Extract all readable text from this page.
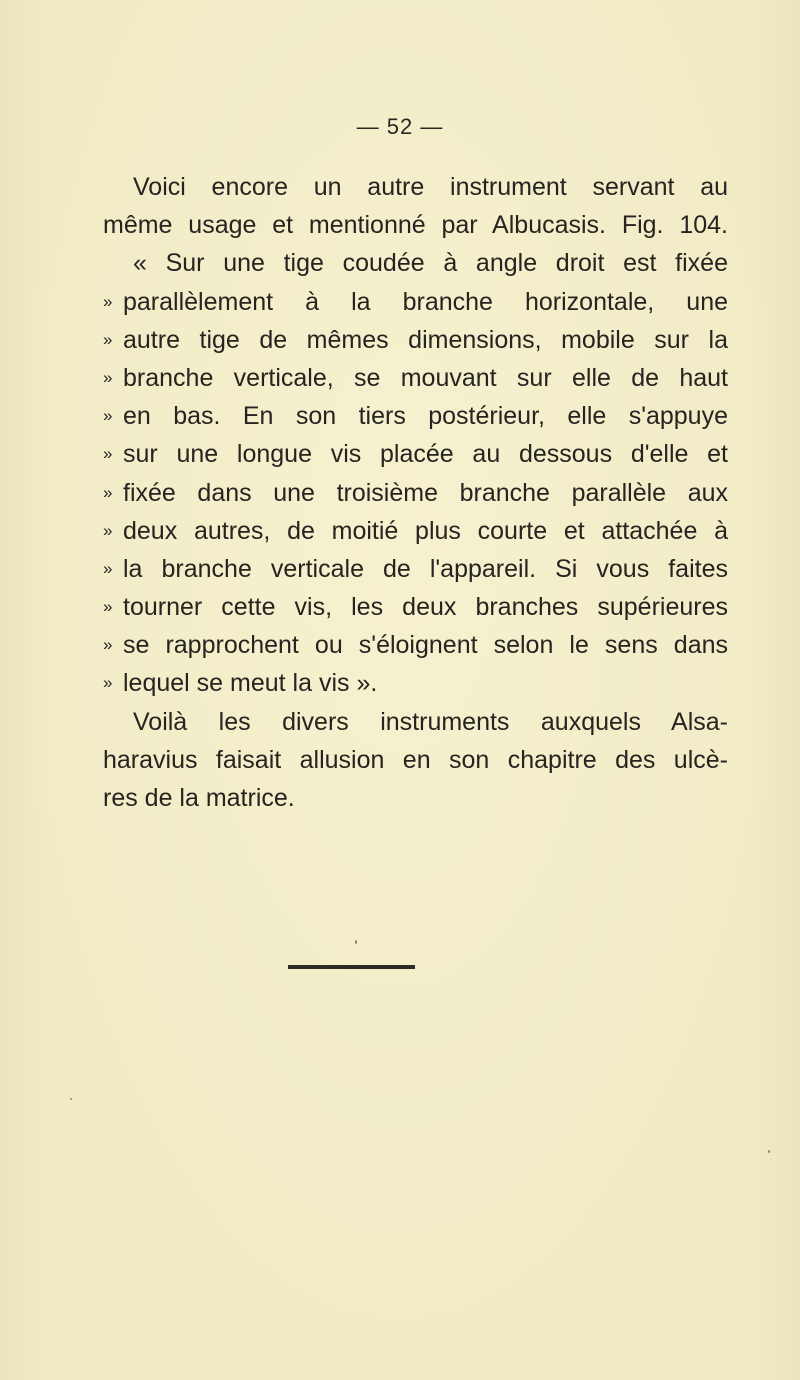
— 52 —
Voici encore un autre instrument servant au
même usage et mentionné par Albucasis. Fig. 104.
« Sur une tige coudée à angle droit est fixée
» parallèlement à la branche horizontale, une
» autre tige de mêmes dimensions, mobile sur la
» branche verticale, se mouvant sur elle de haut
» en bas. En son tiers postérieur, elle s'appuye
» sur une longue vis placée au dessous d'elle et
» fixée dans une troisième branche parallèle aux
» deux autres, de moitié plus courte et attachée à
» la branche verticale de l'appareil. Si vous faites
» tourner cette vis, les deux branches supérieures
» se rapprochent ou s'éloignent selon le sens dans
» lequel se meut la vis ».
Voilà les divers instruments auxquels Alsa-
haravius faisait allusion en son chapitre des ulcè-
res de la matrice.
